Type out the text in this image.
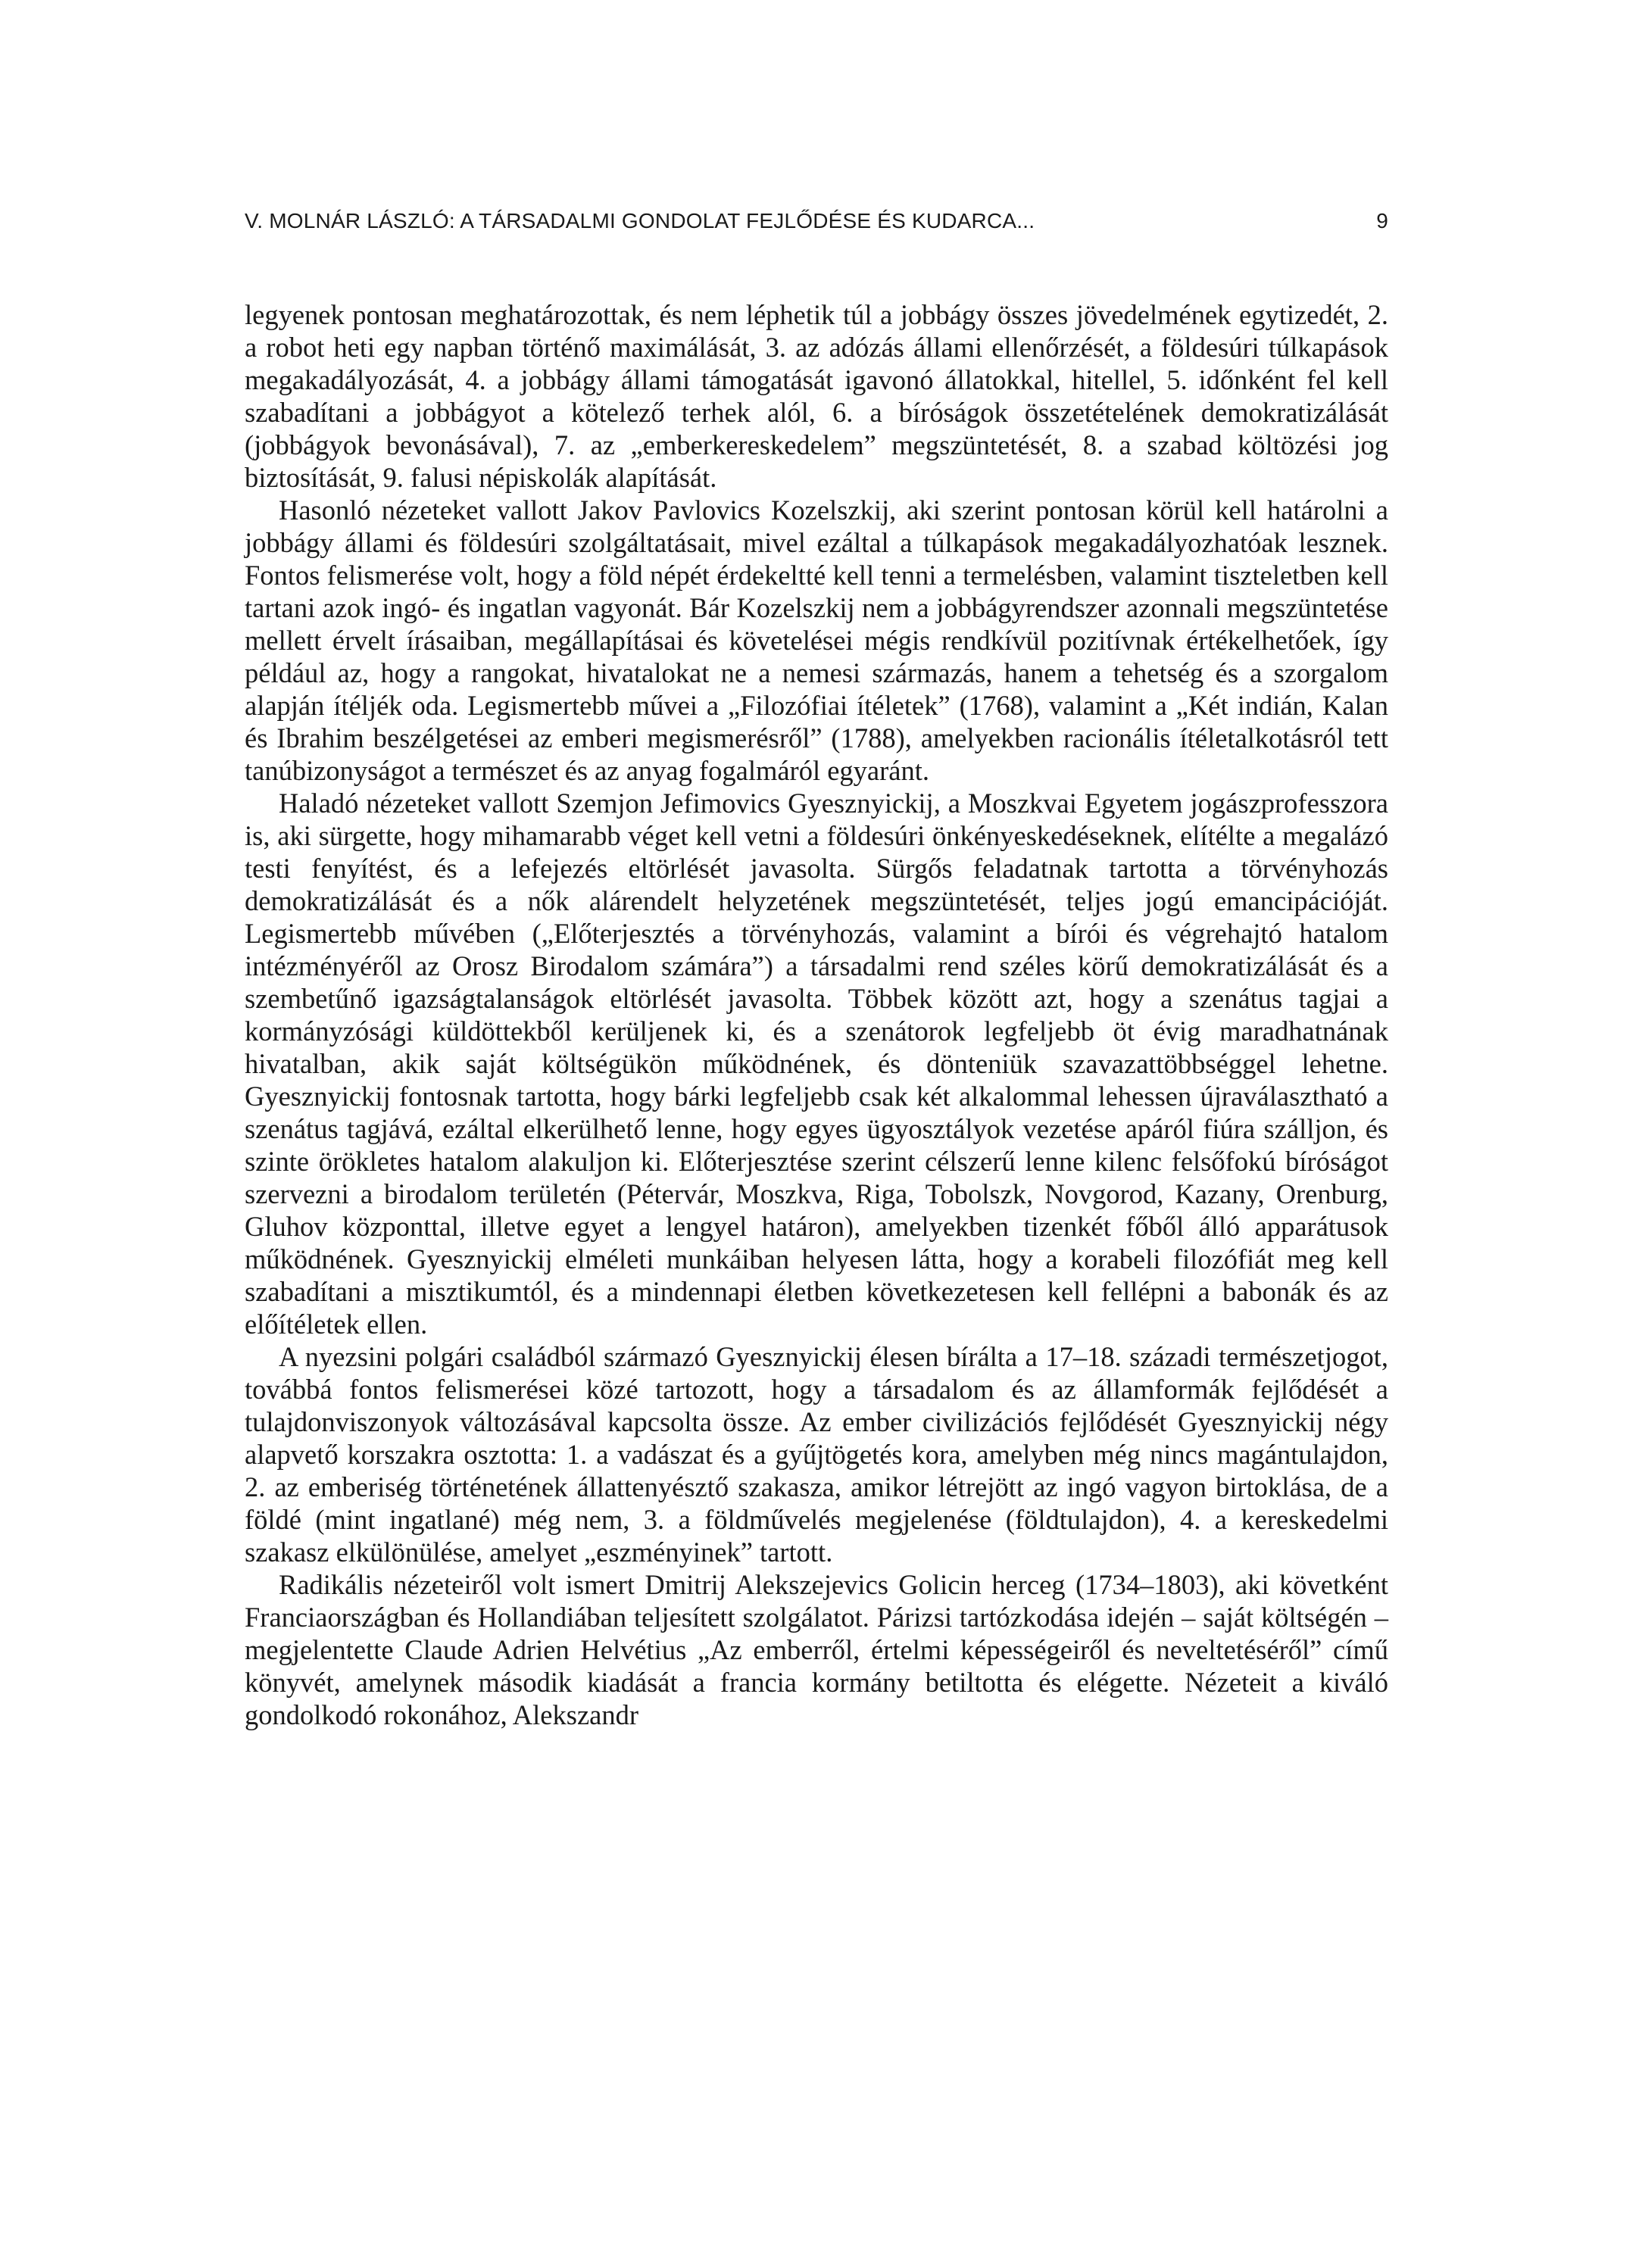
V. MOLNÁR LÁSZLÓ: A TÁRSADALMI GONDOLAT FEJLŐDÉSE ÉS KUDARCA...	9

legyenek pontosan meghatározottak, és nem léphetik túl a jobbágy összes jövedelmének egytizedét, 2. a robot heti egy napban történő maximálását, 3. az adózás állami ellenőrzését, a földesúri túlkapások megakadályozását, 4. a jobbágy állami támogatását igavonó állatokkal, hitellel, 5. időnként fel kell szabadítani a jobbágyot a kötelező terhek alól, 6. a bíróságok összetételének demokratizálását (jobbágyok bevonásával), 7. az „emberkereskedelem” megszüntetését, 8. a szabad költözési jog biztosítását, 9. falusi népiskolák alapítását.

Hasonló nézeteket vallott Jakov Pavlovics Kozelszkij, aki szerint pontosan körül kell határolni a jobbágy állami és földesúri szolgáltatásait, mivel ezáltal a túlkapások megakadályozhatóak lesznek. Fontos felismerése volt, hogy a föld népét érdekeltté kell tenni a termelésben, valamint tiszteletben kell tartani azok ingó- és ingatlan vagyonát. Bár Kozelszkij nem a jobbágyrendszer azonnali megszüntetése mellett érvelt írásaiban, megállapításai és követelései mégis rendkívül pozitívnak értékelhetőek, így például az, hogy a rangokat, hivatalokat ne a nemesi származás, hanem a tehetség és a szorgalom alapján ítéljék oda. Legismertebb művei a „Filozófiai ítéletek” (1768), valamint a „Két indián, Kalan és Ibrahim beszélgetései az emberi megismerésről” (1788), amelyekben racionális ítéletalkotásról tett tanúbizonyságot a természet és az anyag fogalmáról egyaránt.

Haladó nézeteket vallott Szemjon Jefimovics Gyesznyickij, a Moszkvai Egyetem jogászprofesszora is, aki sürgette, hogy mihamarabb véget kell vetni a földesúri önkényeskedéseknek, elítélte a megalázó testi fenyítést, és a lefejezés eltörlését javasolta. Sürgős feladatnak tartotta a törvényhozás demokratizálását és a nők alárendelt helyzetének megszüntetését, teljes jogú emancipációját. Legismertebb művében („Előterjesztés a törvényhozás, valamint a bírói és végrehajtó hatalom intézményéről az Orosz Birodalom számára”) a társadalmi rend széles körű demokratizálását és a szembetűnő igazságtalanságok eltörlését javasolta. Többek között azt, hogy a szenátus tagjai a kormányzósági küldöttekből kerüljenek ki, és a szenátorok legfeljebb öt évig maradhatnának hivatalban, akik saját költségükön működnének, és dönteniük szavazattöbbséggel lehetne. Gyesznyickij fontosnak tartotta, hogy bárki legfeljebb csak két alkalommal lehessen újraválasztható a szenátus tagjává, ezáltal elkerülhető lenne, hogy egyes ügyosztályok vezetése apáról fiúra szálljon, és szinte örökletes hatalom alakuljon ki. Előterjesztése szerint célszerű lenne kilenc felsőfokú bíróságot szervezni a birodalom területén (Pétervár, Moszkva, Riga, Tobolszk, Novgorod, Kazany, Orenburg, Gluhov központtal, illetve egyet a lengyel határon), amelyekben tizenkét főből álló apparátusok működnének. Gyesznyickij elméleti munkáiban helyesen látta, hogy a korabeli filozófiát meg kell szabadítani a misztikumtól, és a mindennapi életben következetesen kell fellépni a babonák és az előítéletek ellen.

A nyezsini polgári családból származó Gyesznyickij élesen bírálta a 17–18. századi természetjogot, továbbá fontos felismerései közé tartozott, hogy a társadalom és az államformák fejlődését a tulajdonviszonyok változásával kapcsolta össze. Az ember civilizációs fejlődését Gyesznyickij négy alapvető korszakra osztotta: 1. a vadászat és a gyűjtögetés kora, amelyben még nincs magántulajdon, 2. az emberiség történetének állattenyésztő szakasza, amikor létrejött az ingó vagyon birtoklása, de a földé (mint ingatlané) még nem, 3. a földművelés megjelenése (földtulajdon), 4. a kereskedelmi szakasz elkülönülése, amelyet „eszményinek” tartott.

Radikális nézeteiről volt ismert Dmitrij Alekszejevics Golicin herceg (1734–1803), aki követként Franciaországban és Hollandiában teljesített szolgálatot. Párizsi tartózkodása idején – saját költségén – megjelentette Claude Adrien Helvétius „Az emberről, értelmi képességeiről és neveltetéséről” című könyvét, amelynek második kiadását a francia kormány betiltotta és elégette. Nézeteit a kiváló gondolkodó rokonához, Alekszandr
